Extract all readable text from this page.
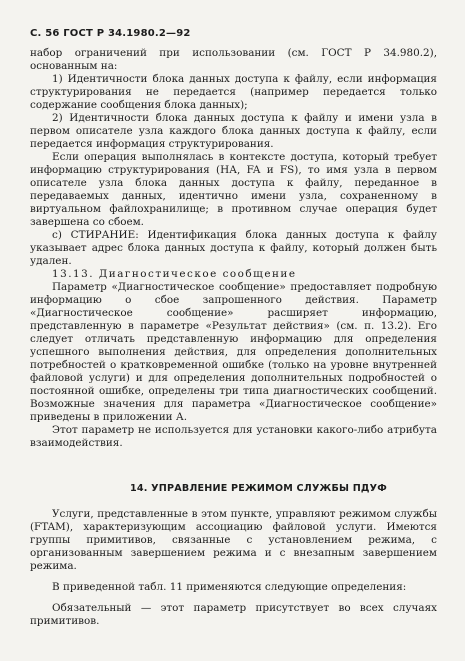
С. 56 ГОСТ Р 34.1980.2—92

набор ограничений при использовании (см. ГОСТ Р 34.980.2), основанным на:

1) Идентичности блока данных доступа к файлу, если информация структурирования не передается (например передается только содержание сообщения блока данных);

2) Идентичности блока данных доступа к файлу и имени узла в первом описателе узла каждого блока данных доступа к файлу, если передается информация структурирования.

Если операция выполнялась в контексте доступа, который требует информацию структурирования (НА, FA и FS), то имя узла в первом описателе узла блока данных доступа к файлу, переданное в передаваемых данных, идентично имени узла, сохраненному в виртуальном файлохранилище; в противном случае операция будет завершена со сбоем.

с) СТИРАНИЕ: Идентификация блока данных доступа к файлу указывает адрес блока данных доступа к файлу, который должен быть удален.

13.13. Диагностическое сообщение

Параметр «Диагностическое сообщение» предоставляет подробную информацию о сбое запрошенного действия. Параметр «Диагностическое сообщение» расширяет информацию, представленную в параметре «Результат действия» (см. п. 13.2). Его следует отличать представленную информацию для определения успешного выполнения действия, для определения дополнительных потребностей о кратковременной ошибке (только на уровне внутренней файловой услуги) и для определения дополнительных подробностей о постоянной ошибке, определены три типа диагностических сообщений. Возможные значения для параметра «Диагностическое сообщение» приведены в приложении А.

Этот параметр не используется для установки какого-либо атрибута взаимодействия.

14. УПРАВЛЕНИЕ РЕЖИМОМ СЛУЖБЫ ПДУФ

Услуги, представленные в этом пункте, управляют режимом службы (FTAM), характеризующим ассоциацию файловой услуги. Имеются группы примитивов, связанные с установлением режима, с организованным завершением режима и с внезапным завершением режима.

В приведенной табл. 11 применяются следующие определения:

Обязательный — этот параметр присутствует во всех случаях примитивов.
